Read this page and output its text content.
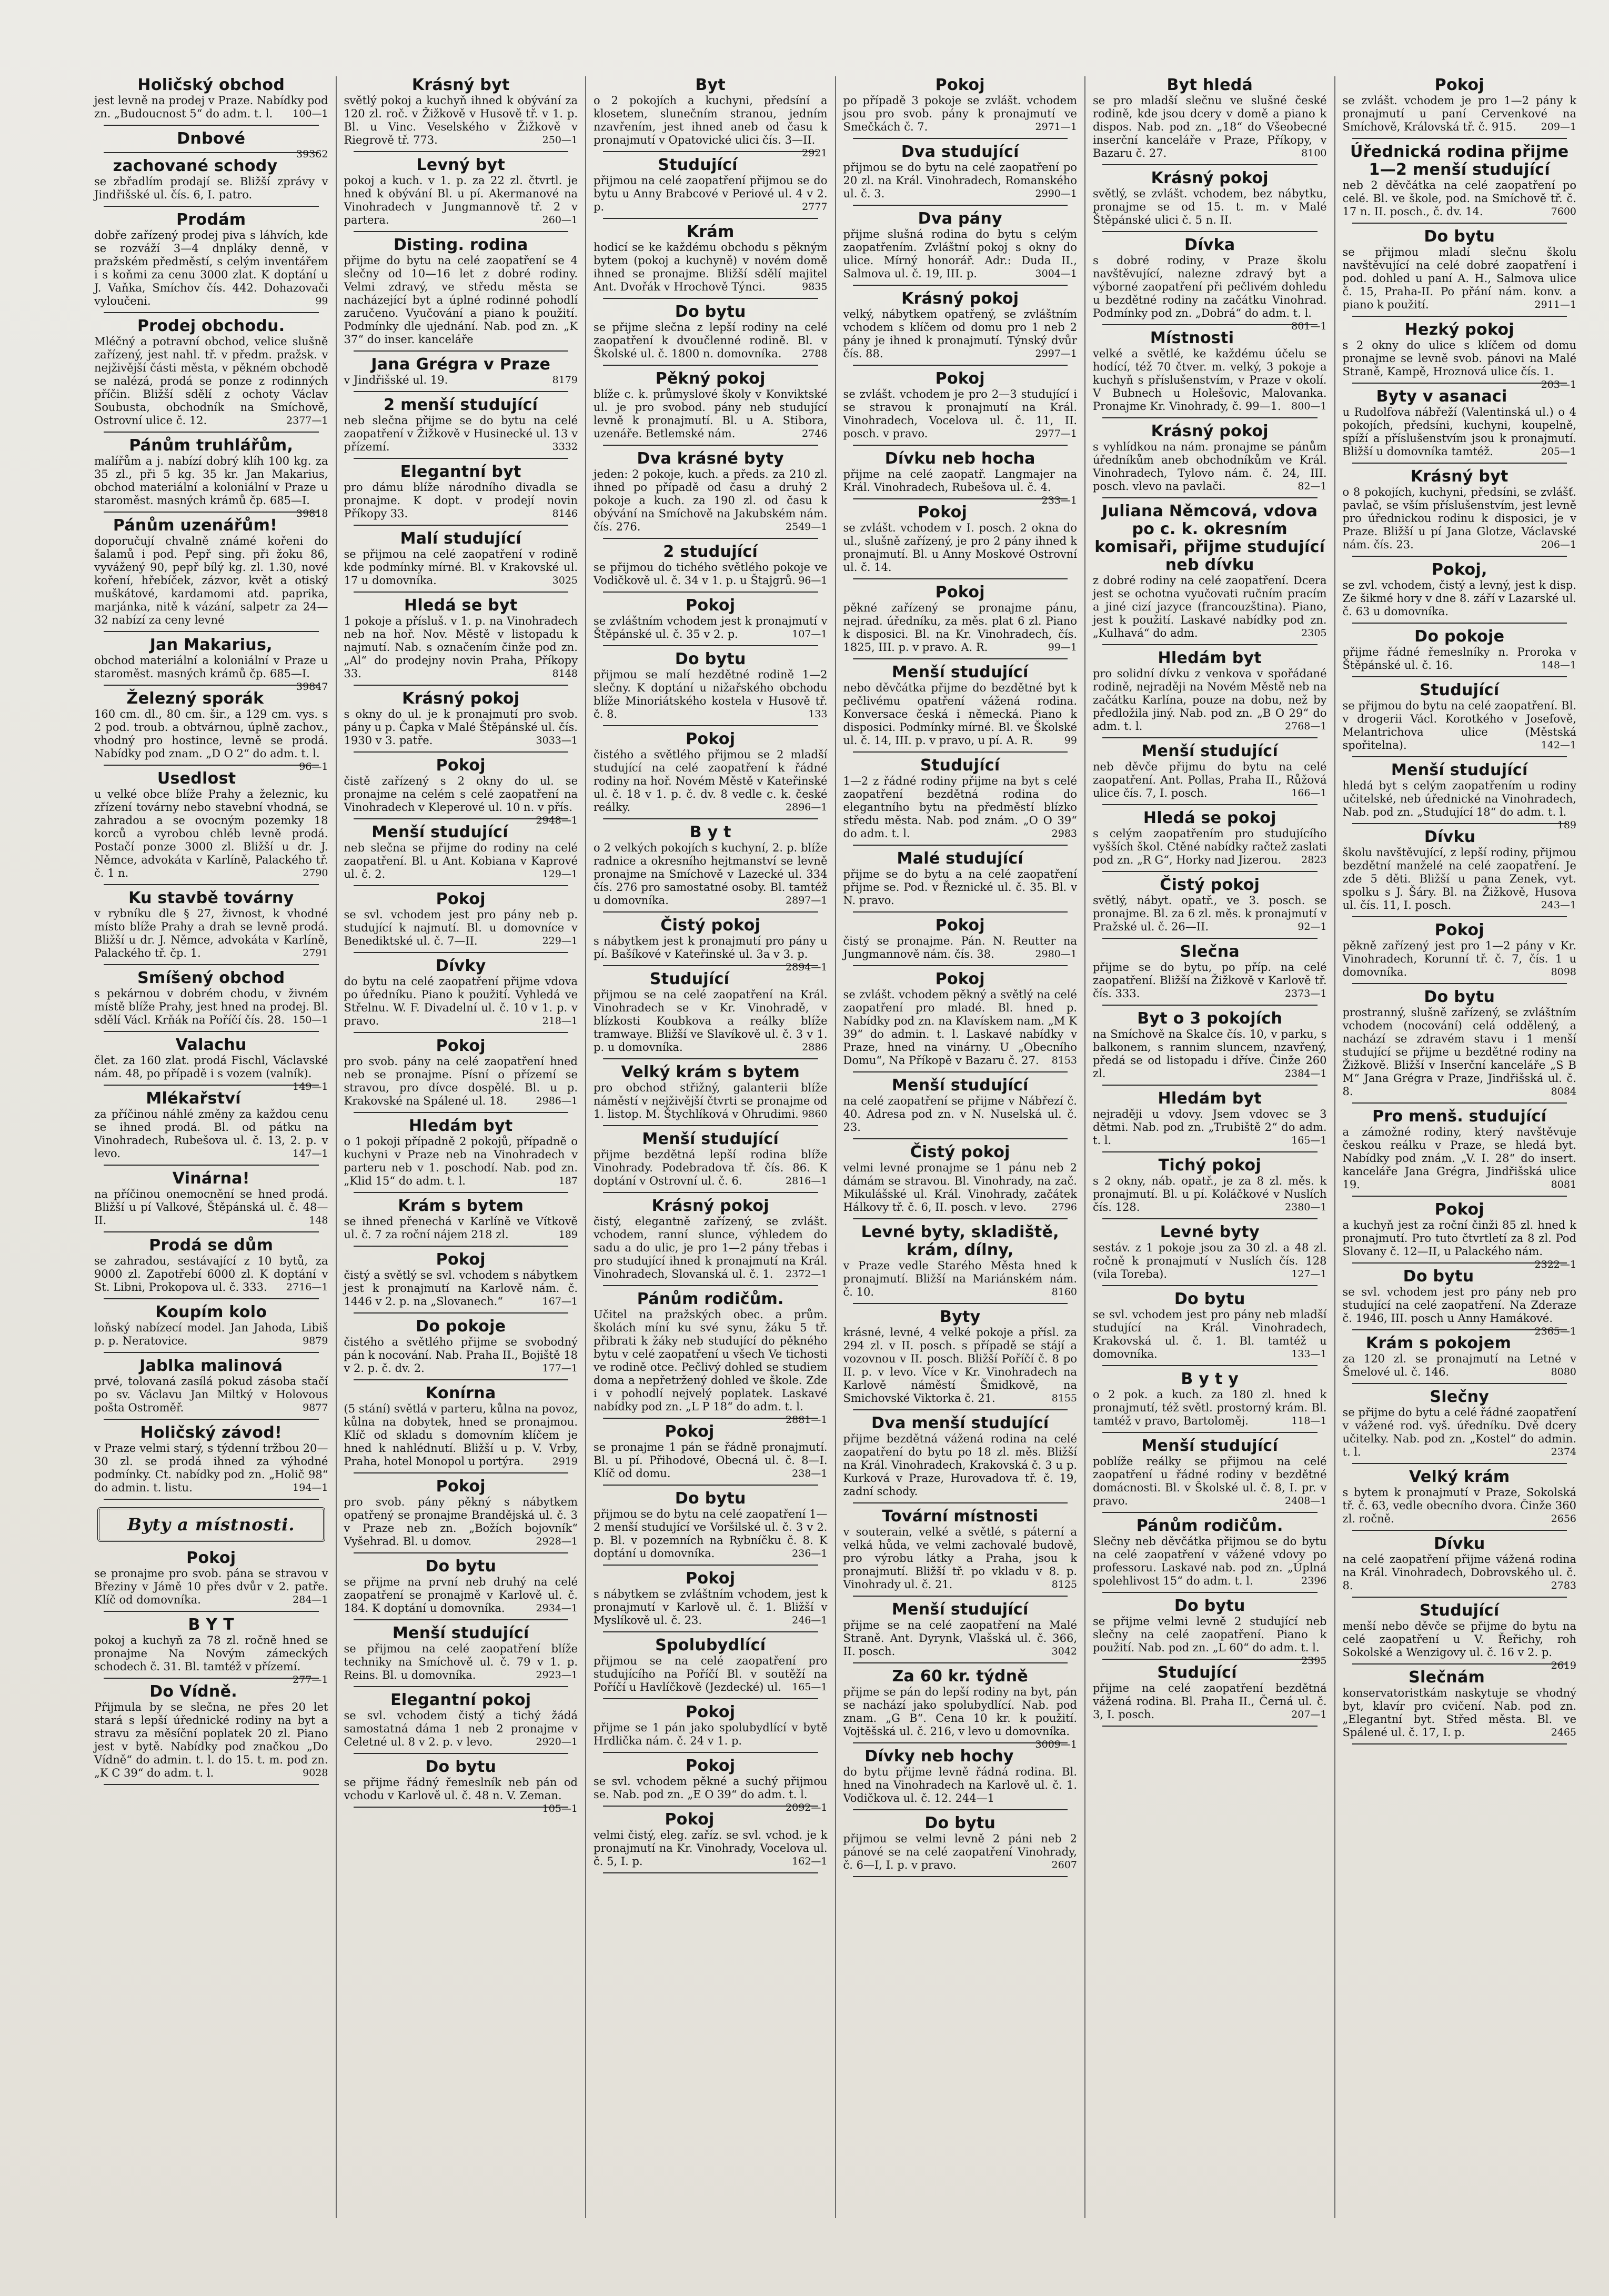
Holičský obchod

jest levně na prodej v Praze. Nabídky pod zn. „Budoucnost 5“ do adm. t. l. 100—1

Dnbové

39362

zachované schody

se zbřadlím prodají se. Bližší zprávy v Jindřišské ul. čís. 6, I. patro.

Prodám

dobře zařízený prodej piva s láhvích, kde se rozváží 3—4 dnpláky denně, v pražském předměstí, s celým inventářem i s koňmi za cenu 3000 zlat. K doptání u J. Vaňka, Smíchov čís. 442. Dohazovači vyloučeni.	99

Prodej obchodu.

Mléčný a potravní obchod, velice slušně zařízený, jest nahl. tř. v předm. pražsk. v nejživější části města, v pěkném obchodě se nalézá, prodá se ponze z rodinných příčin. Bližší sdělí z ochoty Václav Soubusta, obchodník na Smíchově, Ostrovní ulice č. 12.	2377—1

Pánům truhlářům,

malířům a j. nabízí dobrý klíh 100 kg. za 35 zl., při 5 kg. 35 kr. Jan Makarius, obchod materiální a koloniální v Praze u staroměst. masných krámů čp. 685—I.
39818

Pánům uzenářům!

doporučují chvalně známé kořeni do šalamů i pod. Pepř sing. při žoku 86, vyvážený 90, pepř bílý kg. zl. 1.30, nové koření, hřebíček, zázvor, květ a otiský muškátové, kardamomi atd. paprika, marjánka, nitě k vázání, salpetr za 24—32 nabízí za ceny levné

Jan Makarius,

obchod materiální a koloniální v Praze u staroměst. masných krámů čp. 685—I.
39847

Železný sporák

160 cm. dl., 80 cm. šir., a 129 cm. vys. s 2 pod. troub. a obtvárnou, úplně zachov., vhodný pro hostince, levně se prodá. Nabídky pod znam. „D O 2“ do adm. t. l.
96—1

Usedlost

u velké obce blíže Prahy a železnic, ku zřízení továrny nebo stavební vhodná, se zahradou a se ovocným pozemky 18 korců a vyrobou chléb levně prodá. Postačí ponze 3000 zl. Bližší u dr. J. Němce, advokáta v Karlíně, Palackého tř. č. 1 n.	2790

Ku stavbě továrny

v rybníku dle § 27, živnost, k vhodné místo blíže Prahy a drah se levně prodá. Bližší u dr. J. Němce, advokáta v Karlíně, Palackého tř. čp. 1.	2791

Smíšený obchod

s pekárnou v dobrém chodu, v živném místě blíže Prahy, jest hned na prodej. Bl. sdělí Václ. Krňák na Poříčí čís. 28. 150—1

Valachu

člet. za 160 zlat. prodá Fischl, Václavské nám. 48, po případě i s vozem (valník).
149—1

Mlékařství

za příčinou náhlé změny za každou cenu se ihned prodá. Bl. od pátku na Vinohradech, Rubešova ul. č. 13, 2. p. v levo.	147—1

Vinárna!

na příčinou onemocnění se hned prodá. Bližší u pí Valkové, Štěpánská ul. č. 48—II.	148

Prodá se dům

se zahradou, sestávající z 10 bytů, za 9000 zl. Zapotřebí 6000 zl. K doptání v St. Libni, Prokopova ul. č. 333. 2716—1

Koupím kolo

loňský nabízecí model. Jan Jahoda, Libiš p. p. Neratovice.	9879

Jablka malinová

prvé, tolovaná zasílá pokud zásoba stačí po sv. Václavu Jan Miltký v Holovous pošta Ostroměř.	9877

Holičský závod!

v Praze velmi starý, s týdenní tržbou 20—30 zl. se prodá ihned za výhodné podmínky. Ct. nabídky pod zn. „Holič 98“ do admin. t. listu.	194—1

Byty a místnosti.

Pokoj

se pronajme pro svob. pána se stravou v Březiny v Jámě 10 přes dvůr v 2. patře. Klíč od domovníka.	284—1

B Y T

pokoj a kuchyň za 78 zl. ročně hned se pronajme Na Novým zámeckých schodech č. 31. Bl. tamtéž v přízemí.
277—1

Do Vídně.

Přijmula by se slečna, ne přes 20 let stará s lepší úřednické rodiny na byt a stravu za měsíční poplatek 20 zl. Piano jest v bytě. Nabídky pod značkou „Do Vídně“ do admin. t. l. do 15. t. m. pod zn. „K C 39“ do adm. t. l.	9028

Krásný byt

světlý pokoj a kuchyň ihned k obývání za 120 zl. roč. v Žižkově v Husově tř. v 1. p. Bl. u Vinc. Veselského v Žižkově v Riegrově tř. 773.	250—1

Levný byt

pokoj a kuch. v 1. p. za 22 zl. čtvrtl. je hned k obývání Bl. u pí. Akermanové na Vinohradech v Jungmannově tř. 2 v partera.	260—1

Disting. rodina

přijme do bytu na celé zaopatření se 4 slečny od 10—16 let z dobré rodiny. Velmi zdravý, ve středu města se nacházející byt a úplné rodinné pohodlí zaručeno. Vyučování a piano k použití. Podmínky dle ujednání. Nab. pod zn. „K 37“ do inser. kanceláře

Jana Grégra v Praze

v Jindřišské ul. 19.	8179

2 menší studující

neb slečna přijme se do bytu na celé zaopatření v Žižkově v Husinecké ul. 13 v přízemí.	3332

Elegantní byt

pro dámu blíže národního divadla se pronajme. K dopt. v prodejí novin Příkopy 33.	8146

Malí studující

se přijmou na celé zaopatření v rodině kde podmínky mírné. Bl. v Krakovské ul. 17 u domovníka.	3025

Hledá se byt

1 pokoje a přísluš. v 1. p. na Vinohradech neb na hoř. Nov. Městě v listopadu k najmutí. Nab. s označením činže pod zn. „Al“ do prodejny novin Praha, Příkopy 33.	8148

Krásný pokoj

s okny do ul. je k pronajmutí pro svob. pány u p. Čapka v Malé Štěpánské ul. čís. 1930 v 3. patře.	3033—1

Pokoj

čistě zařízený s 2 okny do ul. se pronajme na celém s celé zaopatření na Vinohradech v Kleperové ul. 10 n. v přís.
2948—1

Menší studující

neb slečna se přijme do rodiny na celé zaopatření. Bl. u Ant. Kobiana v Kaprové ul. č. 2.	129—1

Pokoj

se svl. vchodem jest pro pány neb p. studující k najmutí. Bl. u domovníce v Benediktské ul. č. 7—II.	229—1

Dívky

do bytu na celé zaopatření přijme vdova po úředníku. Piano k použití. Vyhledá ve Střelnu. W. F. Divadelní ul. č. 10 v 1. p. v pravo.	218—1

Pokoj

pro svob. pány na celé zaopatření hned neb se pronajme. Písní o přízemí se stravou, pro dívce dospělé. Bl. u p. Krakovské na Spálené ul. 18.	2986—1

Hledám byt

o 1 pokoji případně 2 pokojů, případně o kuchyni v Praze neb na Vinohradech v parteru neb v 1. poschodí. Nab. pod zn. „Klid 15“ do adm. t. l.	187

Krám s bytem

se ihned přenechá v Karlíně ve Vítkově ul. č. 7 za roční nájem 218 zl.	189

Pokoj

čistý a světlý se svl. vchodem s nábytkem jest k pronajmutí na Karlově nám. č. 1446 v 2. p. na „Slovanech.“	167—1

Do pokoje

čistého a světlého přijme se svobodný pán k nocování. Nab. Praha II., Bojiště 18 v 2. p. č. dv. 2.	177—1

Konírna

(5 stání) světlá v parteru, kůlna na povoz, kůlna na dobytek, hned se pronajmou. Klíč od skladu s domovním klíčem je hned k nahlédnutí. Bližší u p. V. Vrby, Praha, hotel Monopol u portýra.	2919

Pokoj

pro svob. pány pěkný s nábytkem opatřený se pronajme Brandějská ul. č. 3 v Praze neb zn. „Božích bojovník“ Vyšehrad. Bl. u domov.	2928—1

Do bytu

se přijme na první neb druhý na celé zaopatření se pronajmě v Karlově ul. č. 184. K doptání u domovníka.	2934—1

Menší studující

se přijmou na celé zaopatření blíže techniky na Smíchově ul. č. 79 v 1. p. Reins. Bl. u domovníka.	2923—1

Elegantní pokoj

se svl. vchodem čistý a tichý žádá samostatná dáma 1 neb 2 pronajme v Celetné ul. 8 v 2. p. v levo.	2920—1

Do bytu

se přijme řádný řemeslník neb pán od vchodu v Karlově ul. č. 48 n. V. Zeman.
105—1

Byt

o 2 pokojích a kuchyni, předsíní a klosetem, slunečním stranou, jedním nzavřením, jest ihned aneb od času k pronajmutí v Opatovické ulici čís. 3—II.
2921

Studující

přijmou na celé zaopatření přijmou se do bytu u Anny Brabcové v Periové ul. 4 v 2. p.	2777

Krám

hodicí se ke každému obchodu s pěkným bytem (pokoj a kuchyně) v novém domě ihned se pronajme. Bližší sdělí majitel Ant. Dvořák v Hrochově Týnci.	9835

Do bytu

se přijme slečna z lepší rodiny na celé zaopatření k dvoučlenné rodině. Bl. v Školské ul. č. 1800 n. domovníka. 2788

Pěkný pokoj

blíže c. k. průmyslové školy v Konviktské ul. je pro svobod. pány neb studující levně k pronajmutí. Bl. u A. Stibora, uzenáře. Betlemské nám.	2746

Dva krásné byty

jeden: 2 pokoje, kuch. a předs. za 210 zl. ihned po případě od času a druhý 2 pokoje a kuch. za 190 zl. od času k obývání na Smíchově na Jakubském nám. čís. 276.	2549—1

2 studující

se přijmou do tichého světlého pokoje ve Vodičkově ul. č. 34 v 1. p. u Štajgrů. 96—1

Pokoj

se zvláštním vchodem jest k pronajmutí v Štěpánské ul. č. 35 v 2. p.	107—1

Do bytu

přijmou se malí hezdětné rodině 1—2 slečny. K doptání u nižařského obchodu blíže Minoriátského kostela v Husově tř. č. 8.	133

Pokoj

čistého a světlého přijmou se 2 mladší studující na celé zaopatření k řádné rodiny na hoř. Novém Městě v Kateřinské ul. č. 18 v 1. p. č. dv. 8 vedle c. k. české reálky.	2896—1

B y t

o 2 velkých pokojích s kuchyní, 2. p. blíže radnice a okresního hejtmanství se levně pronajme na Smíchově v Lazecké ul. 334 čís. 276 pro samostatné osoby. Bl. tamtéž u domovníka.	2897—1

Čistý pokoj

s nábytkem jest k pronajmutí pro pány u pí. Bašíkové v Kateřinské ul. 3a v 3. p.
2894—1

Studující

přijmou se na celé zaopatření na Král. Vinohradech se v Kr. Vinohradě, v blízkosti Koubkova a reálky blíže tramwaye. Bližší ve Slavíkově ul. č. 3 v 1. p. u domovníka.	2886

Velký krám s bytem

pro obchod střižný, galanterii blíže náměstí v nejživější čtvrti se pronajme od 1. listop. M. Štychlíková v Ohrudimi. 9860

Menší studující

přijme bezdětná lepší rodina blíže Vinohrady. Podebradova tř. čís. 86. K doptání v Ostrovní ul. č. 6.	2816—1

Krásný pokoj

čistý, elegantně zařízený, se zvlášt. vchodem, ranní slunce, výhledem do sadu a do ulic, je pro 1—2 pány třebas i pro studující ihned k pronajmutí na Král. Vinohradech, Slovanská ul. č. 1. 2372—1

Pánům rodičům.

Učitel na pražských obec. a prům. školách míní ku své synu, žáku 5 tř. přibrati k žáky neb studující do pěkného bytu v celé zaopatření u všech Ve tichosti ve rodině otce. Pečlivý dohled se studiem doma a nepřetržený dohled ve škole. Zde i v pohodlí nejvelý poplatek. Laskavé nabídky pod zn. „L P 18“ do adm. t. l.
2881—1

Pokoj

se pronajme 1 pán se řádně pronajmutí. Bl. u pí. Přihodové, Obecná ul. č. 8—I. Klíč od domu.	238—1

Do bytu

přijmou se do bytu na celé zaopatření 1—2 menší studující ve Voršilské ul. č. 3 v 2. p. Bl. v pozemních na Rybníčku č. 8. K doptání u domovníka.	236—1

Pokoj

s nábytkem se zvláštním vchodem, jest k pronajmutí v Karlově ul. č. 1. Bližší v Myslíkově ul. č. 23.	246—1

Spolubydlící

přijmou se na celé zaopatření pro studujícího na Poříčí Bl. v soutěží na Poříčí u Havlíčkově (Jezdecké) ul. 165—1

Pokoj

přijme se 1 pán jako spolubydlící v bytě Hrdlička nám. č. 24 v 1. p.

Pokoj

se svl. vchodem pěkné a suchý přijmou se. Nab. pod zn. „E O 39“ do adm. t. l.
2092—1

Pokoj

velmi čistý, eleg. zaříz. se svl. vchod. je k pronajmutí na Kr. Vinohrady, Vocelova ul. č. 5, I. p.	162—1

Pokoj

po případě 3 pokoje se zvlášt. vchodem jsou pro svob. pány k pronajmutí ve Smečkách č. 7.	2971—1

Dva studující

přijmou se do bytu na celé zaopatření po 20 zl. na Král. Vinohradech, Romanského ul. č. 3.	2990—1

Dva pány

přijme slušná rodina do bytu s celým zaopatřením. Zvláštní pokoj s okny do ulice. Mírný honorář. Adr.: Duda II., Salmova ul. č. 19, III. p.	3004—1

Krásný pokoj

velký, nábytkem opatřený, se zvláštním vchodem s klíčem od domu pro 1 neb 2 pány je ihned k pronajmutí. Týnský dvůr čís. 88.	2997—1

Pokoj

se zvlášt. vchodem je pro 2—3 studující i se stravou k pronajmutí na Král. Vinohradech, Vocelova ul. č. 11, II. posch. v pravo.	2977—1

Dívku neb hocha

přijme na celé zaopatř. Langmajer na Král. Vinohradech, Rubešova ul. č. 4.
233—1

Pokoj

se zvlášt. vchodem v I. posch. 2 okna do ul., slušně zařízený, je pro 2 pány ihned k pronajmutí. Bl. u Anny Moskové Ostrovní ul. č. 14.

Pokoj

pěkné zařízený se pronajme pánu, nejrad. úředníku, za měs. plat 6 zl. Piano k disposici. Bl. na Kr. Vinohradech, čís. 1825, III. p. v pravo. A. R.	99—1

Menší studující

nebo děvčátka přijme do bezdětné byt k pečlivému opatření vážená rodina. Konversace česká i německá. Piano k disposici. Podmínky mírné. Bl. ve Školské ul. č. 14, III. p. v pravo, u pí. A. R.	99

Studující

1—2 z řádné rodiny přijme na byt s celé zaopatření bezdětná rodina do elegantního bytu na předměstí blízko středu města. Nab. pod znám. „O O 39“ do adm. t. l.	2983

Malé studující

přijme se do bytu a na celé zaopatření přijme se. Pod. v Řeznické ul. č. 35. Bl. v N. pravo.

Pokoj

čistý se pronajme. Pán. N. Reutter na Jungmannově nám. čís. 38.	2980—1

Pokoj

se zvlášt. vchodem pěkný a světlý na celé zaopatření pro mladé. Bl. hned p. Nabídky pod zn. na Klavískem nam. „M K 39“ do admin. t. l. Laskavé nabídky v Praze, hned na vinárny. U „Obecního Domu“, Na Příkopě v Bazaru č. 27. 8153

Menší studující

na celé zaopatření se přijme v Nábřezí č. 40. Adresa pod zn. v N. Nuselská ul. č. 23.

Čistý pokoj

velmi levné pronajme se 1 pánu neb 2 dámám se stravou. Bl. Vinohrady, na zač. Mikulášské ul. Král. Vinohrady, začátek Hálkovy tř. č. 6, II. posch. v levo.	2796

Levné byty, skladiště, krám, dílny,

v Praze vedle Starého Města hned k pronajmutí. Bližší na Mariánském nám. č. 10.	8160

Byty

krásné, levné, 4 velké pokoje a přísl. za 294 zl. v II. posch. s případě se stájí a vozovnou v II. posch. Bližší Poříčí č. 8 po II. p. v levo. Více v Kr. Vinohradech na Karlově náměstí Šmidkově, na Smichovské Viktorka č. 21.	8155

Dva menší studující

přijme bezdětná vážená rodina na celé zaopatření do bytu po 18 zl. měs. Bližší na Král. Vinohradech, Krakovská č. 3 u p. Kurková v Praze, Hurovadova tř. č. 19, zadní schody.

Tovární místnosti

v souterain, velké a světlé, s páterní a velká hůda, ve velmi zachovalé budově, pro výrobu látky a Praha, jsou k pronajmutí. Bližší tř. po vkladu v 8. p. Vinohrady ul. č. 21.	8125

Menší studující

přijme se na celé zaopatření na Malé Straně. Ant. Dyrynk, Vlašská ul. č. 366, II. posch.	3042

Za 60 kr. týdně

přijme se pán do lepší rodiny na byt, pán se nachází jako spolubydlící. Nab. pod znam. „G B“. Cena 10 kr. k použití. Vojtěšská ul. č. 216, v levo u domovníka.
3009—1

Dívky neb hochy

do bytu přijme levně řádná rodina. Bl. hned na Vinohradech na Karlově ul. č. 1. Vodičkova ul. č. 12. 244—1

Do bytu

přijmou se velmi levně 2 páni neb 2 pánové se na celé zaopatření Vinohrady, č. 6—I, I. p. v pravo.	2607

Byt hledá

se pro mladší slečnu ve slušné české rodině, kde jsou dcery v domě a piano k dispos. Nab. pod zn. „18“ do Všeobecné inserční kanceláře v Praze, Příkopy, v Bazaru č. 27.	8100

Krásný pokoj

světlý, se zvlášt. vchodem, bez nábytku, pronajme se od 15. t. m. v Malé Štěpánské ulici č. 5 n. II.

Dívka

s dobré rodiny, v Praze školu navštěvující, nalezne zdravý byt a výborné zaopatření při pečlivém dohledu u bezdětné rodiny na začátku Vinohrad. Podmínky pod zn. „Dobrá“ do adm. t. l.
801—1

Místnosti

velké a světlé, ke každému účelu se hodící, též 70 čtver. m. velký, 3 pokoje a kuchyň s příslušenstvím, v Praze v okolí. V Bubnech u Holešovic, Malovanka. Pronajme Kr. Vinohrady, č. 99—1. 800—1

Krásný pokoj

s vyhlídkou na nám. pronajme se pánům úředníkům aneb obchodníkům ve Král. Vinohradech, Tylovo nám. č. 24, III. posch. vlevo na pavlači.	82—1

Juliana Němcová, vdova po c. k. okresním komisaři, přijme studující neb dívku

z dobré rodiny na celé zaopatření. Dcera jest se ochotna vyučovati ručním pracím a jiné cizí jazyce (francouzština). Piano, jest k použití. Laskavé nabídky pod zn. „Kulhavá“ do adm.	2305

Hledám byt

pro solidní dívku z venkova v spořádané rodině, nejraději na Novém Městě neb na začátku Karlína, pouze na dobu, než by předložila jiný. Nab. pod zn. „B O 29“ do adm. t. l.	2768—1

Menší studující

neb děvče přijmu do bytu na celé zaopatření. Ant. Pollas, Praha II., Růžová ulice čís. 7, I. posch.	166—1

Hledá se pokoj

s celým zaopatřením pro studujícího vyšších škol. Ctěné nabídky račtež zaslati pod zn. „R G“, Horky nad Jizerou. 2823

Čistý pokoj

světlý, nábyt. opatř., ve 3. posch. se pronajme. Bl. za 6 zl. měs. k pronajmutí v Pražské ul. č. 26—II.	92—1

Slečna

přijme se do bytu, po příp. na celé zaopatření. Bližší na Žižkově v Karlově tř. čís. 333.	2373—1

Byt o 3 pokojích

na Smíchově na Skalce čís. 10, v parku, s balkonem, s rannim sluncem, nzavřený, předá se od listopadu i dříve. Činže 260 zl.	2384—1

Hledám byt

nejraději u vdovy. Jsem vdovec se 3 dětmi. Nab. pod zn. „Trubiště 2“ do adm. t. l.	165—1

Tichý pokoj

s 2 okny, náb. opatř., je za 8 zl. měs. k pronajmutí. Bl. u pí. Koláčkové v Nuslích čís. 128.	2380—1

Levné byty

sestáv. z 1 pokoje jsou za 30 zl. a 48 zl. ročně k pronajmutí v Nuslích čís. 128 (vila Toreba).	127—1

Do bytu

se svl. vchodem jest pro pány neb mladší studující na Král. Vinohradech, Krakovská ul. č. 1. Bl. tamtéž u domovníka.	133—1

B y t y

o 2 pok. a kuch. za 180 zl. hned k pronajmutí, též světl. prostorný krám. Bl. tamtéž v pravo, Bartoloměj.	118—1

Menší studující

poblíže reálky se přijmou na celé zaopatření u řádné rodiny v bezdětné domácnosti. Bl. v Školské ul. č. 8, I. pr. v pravo.	2408—1

Pánům rodičům.

Slečny neb děvčátka přijmou se do bytu na celé zaopatření v vážené vdovy po professoru. Laskavé nab. pod zn. „Úplná spolehlivost 15“ do adm. t. l.	2396

Do bytu

se přijme velmi levně 2 studující neb slečny na celé zaopatření. Piano k použití. Nab. pod zn. „L 60“ do adm. t. l.
2395

Studující

přijme na celé zaopatření bezdětná vážená rodina. Bl. Praha II., Černá ul. č. 3, I. posch.	207—1

Pokoj

se zvlášt. vchodem je pro 1—2 pány k pronajmutí u paní Cervenkové na Smíchově, Královská tř. č. 915. 209—1

Úřednická rodina přijme 1—2 menší studující

neb 2 děvčátka na celé zaopatření po celé. Bl. ve škole, pod. na Smíchově tř. č. 17 n. II. posch., č. dv. 14.	7600

Do bytu

se přijmou mladí slečnu školu navštěvující na celé dobré zaopatření i pod. dohled u paní A. H., Salmova ulice č. 15, Praha-II. Po přání nám. konv. a piano k použití.	2911—1

Hezký pokoj

s 2 okny do ulice s klíčem od domu pronajme se levně svob. pánovi na Malé Straně, Kampě, Hroznová ulice čís. 1.
203—1

Byty v asanaci

u Rudolfova nábřeží (Valentinská ul.) o 4 pokojích, předsíni, kuchyni, koupelně, spíží a příslušenstvím jsou k pronajmutí. Bližší u domovníka tamtéž.	205—1

Krásný byt

o 8 pokojích, kuchyni, předsíni, se zvlášť. pavlač, se vším příslušenstvím, jest levně pro úřednickou rodinu k disposici, je v Praze. Bližší u pí Jana Glotze, Václavské nám. čís. 23.	206—1

Pokoj,

se zvl. vchodem, čistý a levný, jest k disp. Ze šikmé hory v dne 8. září v Lazarské ul. č. 63 u domovníka.

Do pokoje

přijme řádné řemeslníky n. Proroka v Štěpánské ul. č. 16.	148—1

Studující

se přijmou do bytu na celé zaopatření. Bl. v drogerii Václ. Korotkého v Josefově, Melantrichova ulice (Městská spořitelna).	142—1

Menší studující

hledá byt s celým zaopatřením u rodiny učitelské, neb úřednické na Vinohradech, Nab. pod zn. „Studující 18“ do adm. t. l.
189

Dívku

školu navštěvující, z lepší rodiny, přijmou bezdětní manželé na celé zaopatření. Je zde 5 děti. Bližší u pana Zenek, vyt. spolku s J. Šáry. Bl. na Žižkově, Husova ul. čís. 11, I. posch.	243—1

Pokoj

pěkně zařízený jest pro 1—2 pány v Kr. Vinohradech, Korunní tř. č. 7, čís. 1 u domovníka.	8098

Do bytu

prostranný, slušně zařízený, se zvláštním vchodem (nocování) celá oddělený, a nachází se zdravém stavu i 1 menší studující se přijme u bezdětné rodiny na Žižkově. Bližší v Inserční kanceláře „S B M“ Jana Grégra v Praze, Jindřišská ul. č. 8.	8084

Pro menš. studující

a zámožné rodiny, který navštěvuje českou reálku v Praze, se hledá byt. Nabídky pod znám. „V. I. 28“ do insert. kanceláře Jana Grégra, Jindřišská ulice 19.	8081

Pokoj

a kuchyň jest za roční činži 85 zl. hned k pronajmutí. Pro tuto čtvrtletí za 8 zl. Pod Slovany č. 12—II, u Palackého nám.
2322—1

Do bytu

se svl. vchodem jest pro pány neb pro studující na celé zaopatření. Na Zderaze č. 1946, III. posch u Anny Hamákové.
2365—1

Krám s pokojem

za 120 zl. se pronajmutí na Letné v Šmelové ul. č. 146.	8080

Slečny

se přijme do bytu a celé řádné zaopatření v vážené rod. vyš. úředníku. Dvě dcery učitelky. Nab. pod zn. „Kostel“ do admin. t. l.	2374

Velký krám

s bytem k pronajmutí v Praze, Sokolská tř. č. 63, vedle obecního dvora. Činže 360 zl. ročně.	2656

Dívku

na celé zaopatření přijme vážená rodina na Král. Vinohradech, Dobrovského ul. č. 8.	2783

Studující

menší nebo děvče se přijme do bytu na celé zaopatření u V. Řeřichy, roh Sokolské a Wenzigovy ul. č. 16 v 2. p.
2619

Slečnám

konservatoristkám naskytuje se vhodný byt, klavír pro cvičení. Nab. pod zn. „Elegantní byt. Střed města. Bl. ve Spálené ul. č. 17, I. p.	2465
